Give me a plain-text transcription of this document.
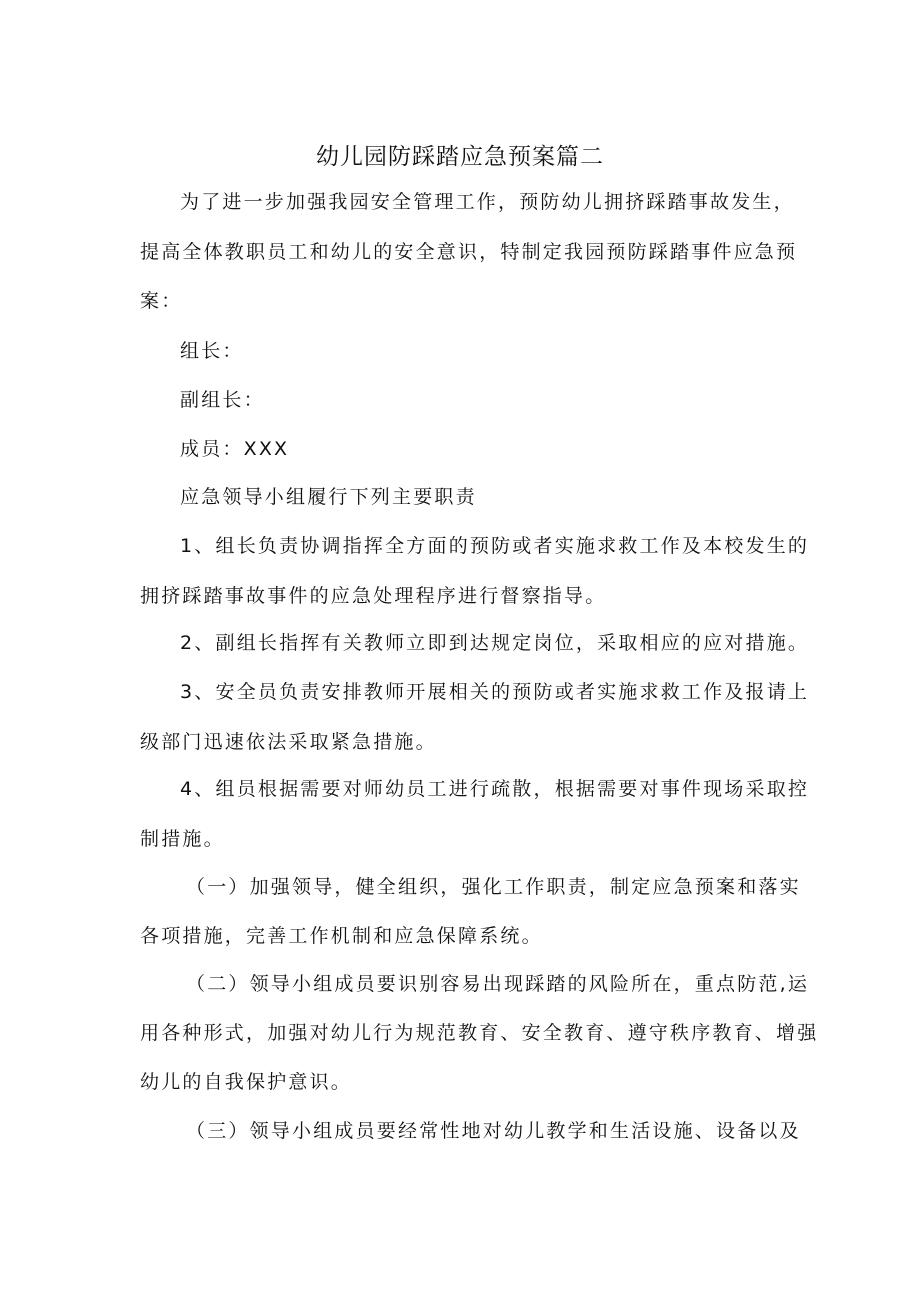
幼儿园防踩踏应急预案篇二
为了进一步加强我园安全管理工作，预防幼儿拥挤踩踏事故发生，
提高全体教职员工和幼儿的安全意识，特制定我园预防踩踏事件应急预
案：
组长：
副组长：
成员：XXX
应急领导小组履行下列主要职责
1、组长负责协调指挥全方面的预防或者实施求救工作及本校发生的
拥挤踩踏事故事件的应急处理程序进行督察指导。
2、副组长指挥有关教师立即到达规定岗位，采取相应的应对措施。
3、安全员负责安排教师开展相关的预防或者实施求救工作及报请上
级部门迅速依法采取紧急措施。
4、组员根据需要对师幼员工进行疏散，根据需要对事件现场采取控
制措施。
（一）加强领导，健全组织，强化工作职责，制定应急预案和落实
各项措施，完善工作机制和应急保障系统。
（二）领导小组成员要识别容易出现踩踏的风险所在，重点防范,运
用各种形式，加强对幼儿行为规范教育、安全教育、遵守秩序教育、增强
幼儿的自我保护意识。
（三）领导小组成员要经常性地对幼儿教学和生活设施、设备以及
